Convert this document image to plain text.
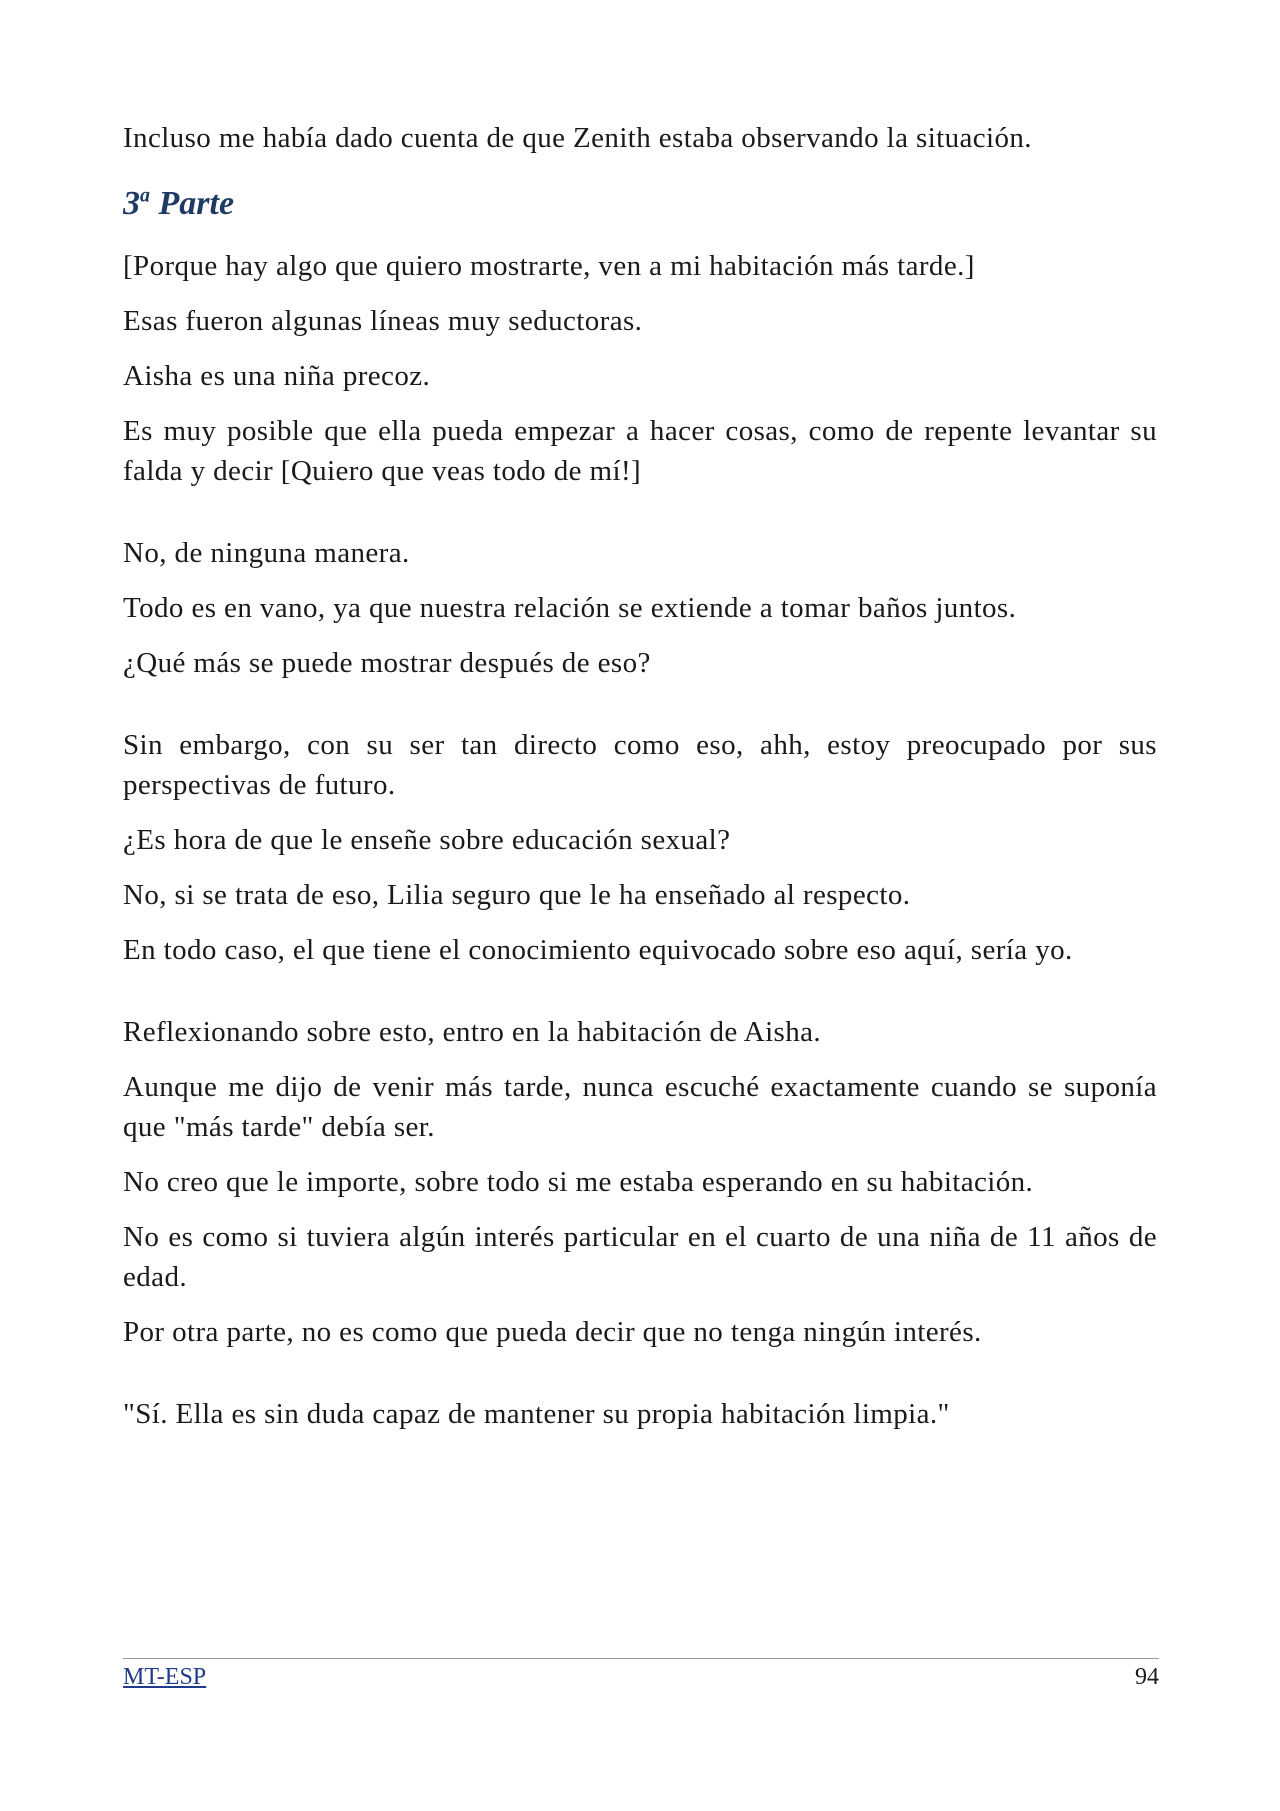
Incluso me había dado cuenta de que Zenith estaba observando la situación.

3$^a$ Parte

[Porque hay algo que quiero mostrarte, ven a mi habitación más tarde.]

Esas fueron algunas líneas muy seductoras.

Aisha es una niña precoz.

Es muy posible que ella pueda empezar a hacer cosas, como de repente levantar su falda y decir [Quiero que veas todo de mí!]

No, de ninguna manera.

Todo es en vano, ya que nuestra relación se extiende a tomar baños juntos.

¿Qué más se puede mostrar después de eso?

Sin embargo, con su ser tan directo como eso, ahh, estoy preocupado por sus perspectivas de futuro.

¿Es hora de que le enseñe sobre educación sexual?

No, si se trata de eso, Lilia seguro que le ha enseñado al respecto.

En todo caso, el que tiene el conocimiento equivocado sobre eso aquí, sería yo.

Reflexionando sobre esto, entro en la habitación de Aisha.

Aunque me dijo de venir más tarde, nunca escuché exactamente cuando se suponía que "más tarde" debía ser.

No creo que le importe, sobre todo si me estaba esperando en su habitación.

No es como si tuviera algún interés particular en el cuarto de una niña de 11 años de edad.

Por otra parte, no es como que pueda decir que no tenga ningún interés.

"Sí. Ella es sin duda capaz de mantener su propia habitación limpia."

MT-ESP	94
